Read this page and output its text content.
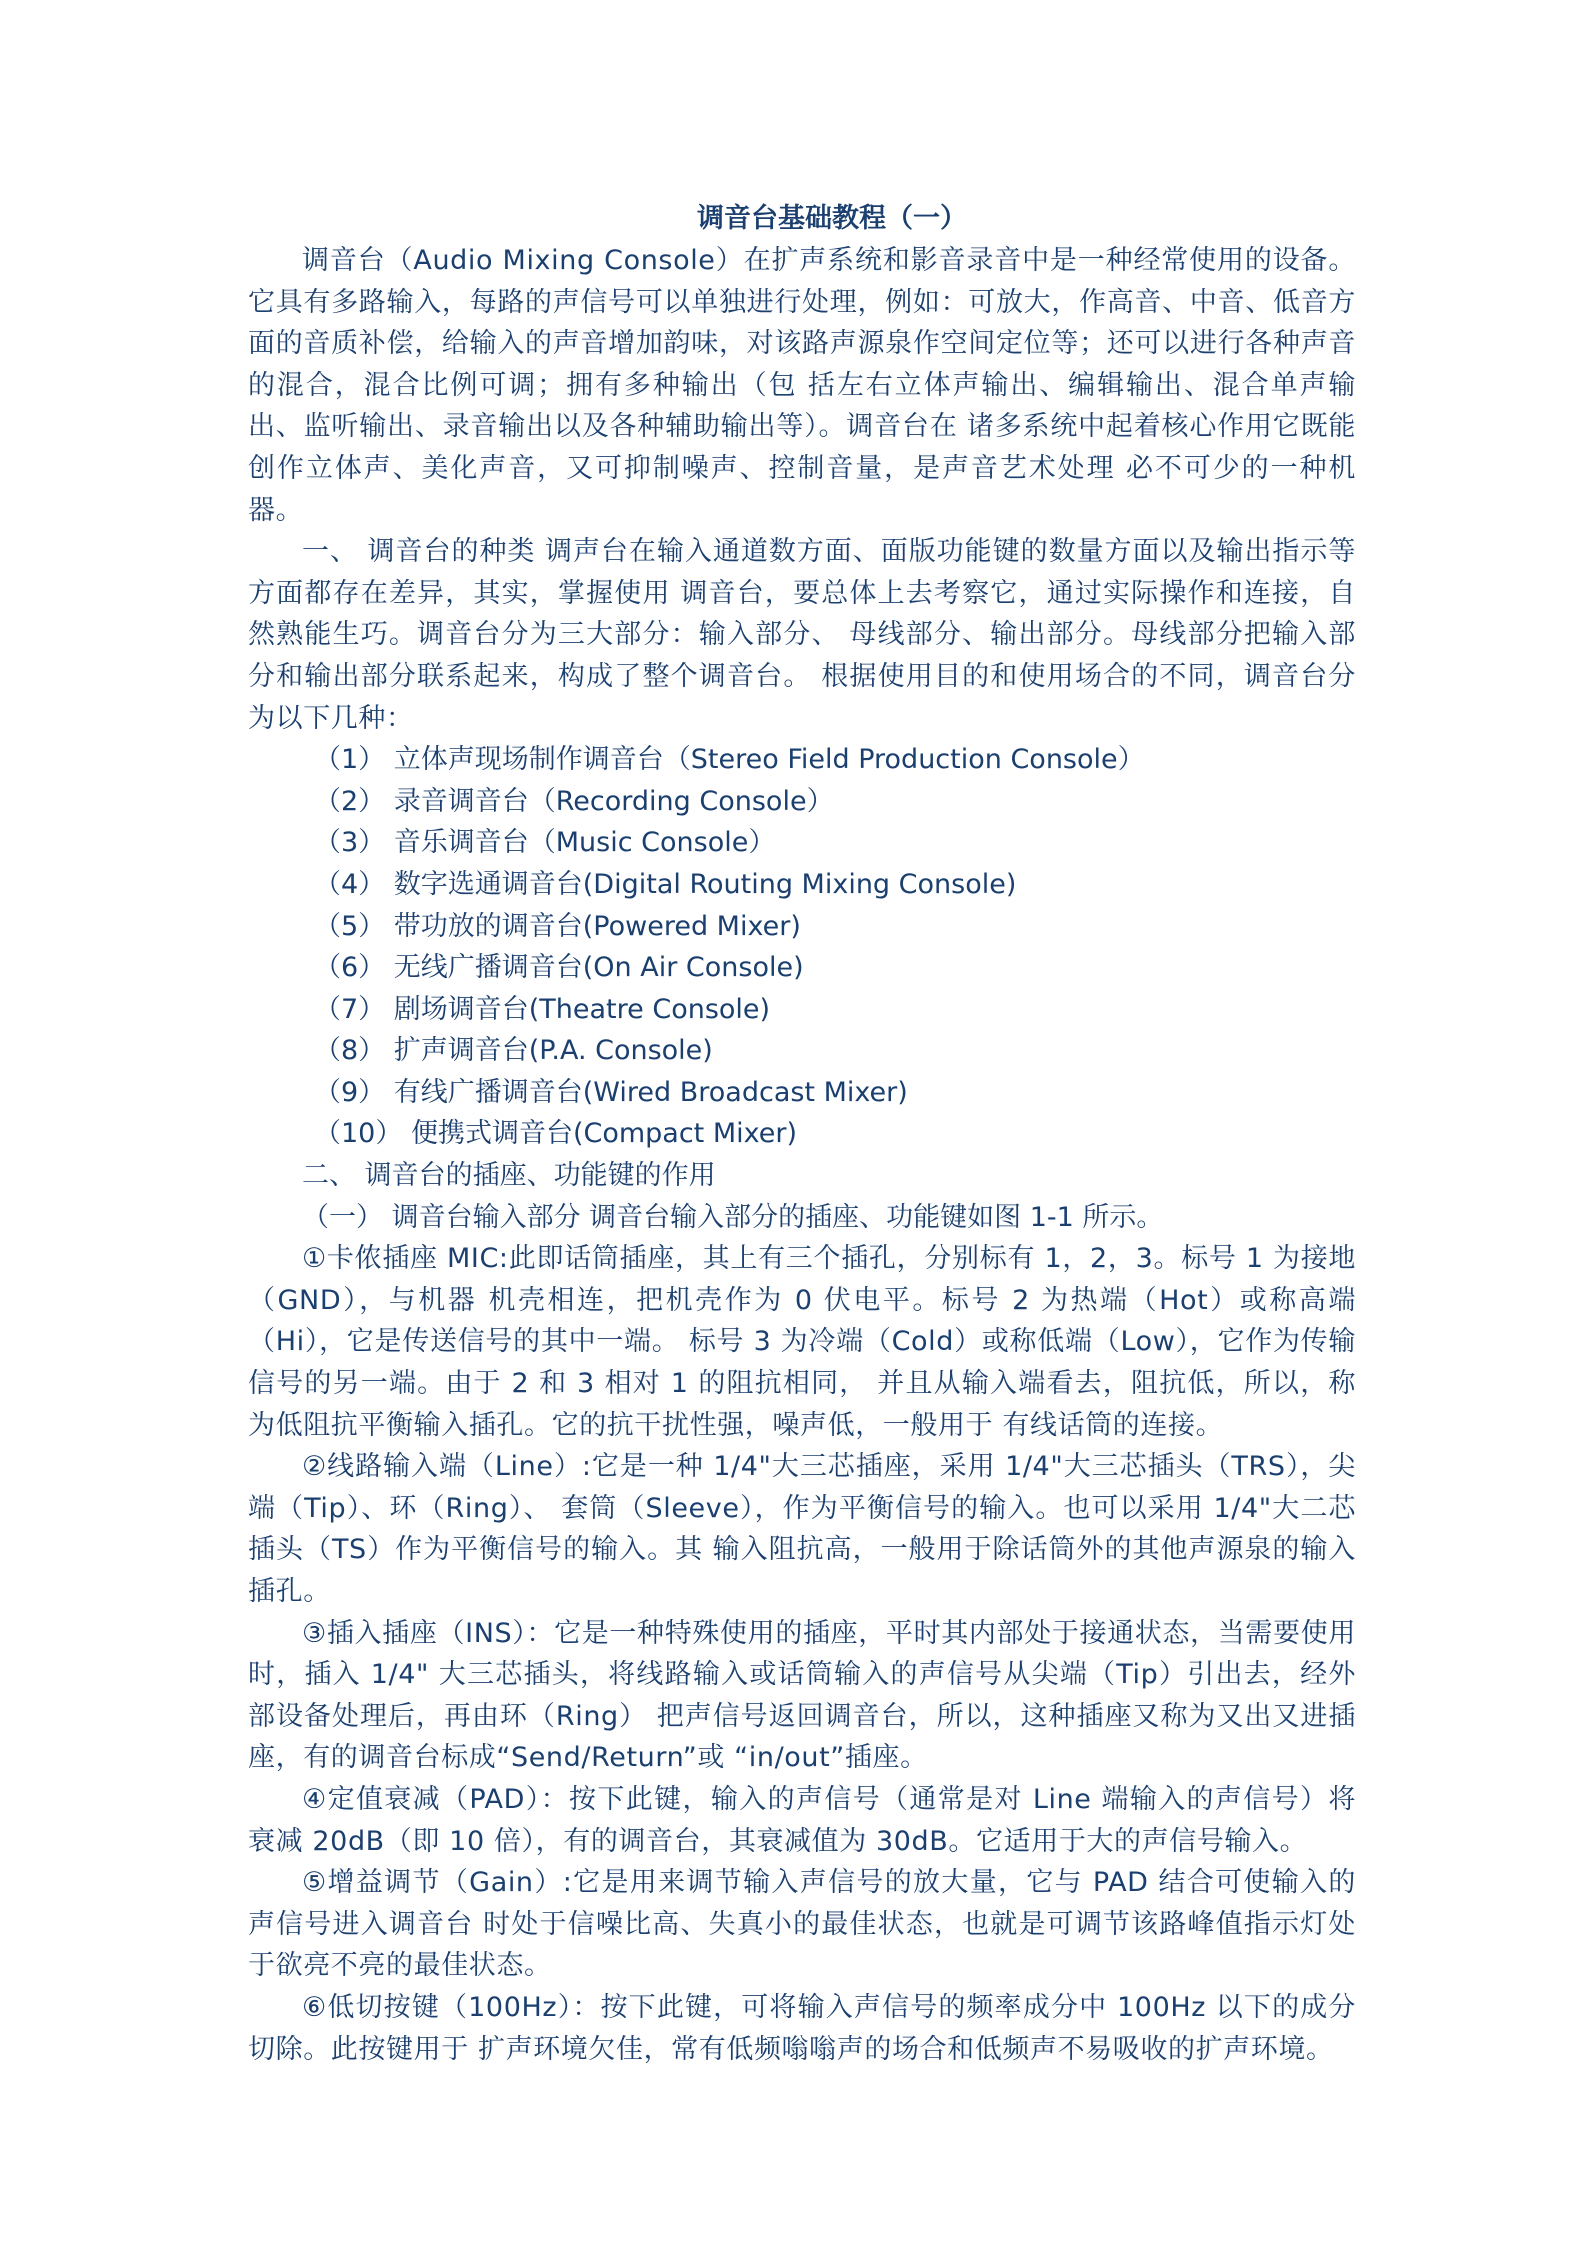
调音台基础教程（一）

调音台（Audio Mixing Console）在扩声系统和影音录音中是一种经常使用的设备。它具有多路输入，每路的声信号可以单独进行处理，例如：可放大，作高音、中音、低音方面的音质补偿，给输入的声音增加韵味，对该路声源泉作空间定位等；还可以进行各种声音的混合，混合比例可调；拥有多种输出（包 括左右立体声输出、编辑输出、混合单声输出、监听输出、录音输出以及各种辅助输出等）。调音台在 诸多系统中起着核心作用它既能创作立体声、美化声音，又可抑制噪声、控制音量，是声音艺术处理 必不可少的一种机器。

一、 调音台的种类 调声台在输入通道数方面、面版功能键的数量方面以及输出指示等方面都存在差异，其实，掌握使用 调音台，要总体上去考察它，通过实际操作和连接，自然熟能生巧。调音台分为三大部分：输入部分、 母线部分、输出部分。母线部分把输入部分和输出部分联系起来，构成了整个调音台。 根据使用目的和使用场合的不同，调音台分为以下几种：

（1） 立体声现场制作调音台（Stereo Field Production Console）
（2） 录音调音台（Recording Console）
（3） 音乐调音台（Music Console）
（4） 数字选通调音台(Digital Routing Mixing Console)
（5） 带功放的调音台(Powered Mixer)
（6） 无线广播调音台(On Air Console)
（7） 剧场调音台(Theatre Console)
（8） 扩声调音台(P.A. Console)
（9） 有线广播调音台(Wired Broadcast Mixer)
（10） 便携式调音台(Compact Mixer)

二、 调音台的插座、功能键的作用

（一） 调音台输入部分 调音台输入部分的插座、功能键如图 1-1 所示。

①卡侬插座 MIC:此即话筒插座，其上有三个插孔，分别标有 1，2，3。标号 1 为接地（GND），与机器 机壳相连，把机壳作为 0 伏电平。标号 2 为热端（Hot）或称高端（Hi），它是传送信号的其中一端。 标号 3 为冷端（Cold）或称低端（Low），它作为传输信号的另一端。由于 2 和 3 相对 1 的阻抗相同， 并且从输入端看去，阻抗低，所以，称为低阻抗平衡输入插孔。它的抗干扰性强，噪声低，一般用于 有线话筒的连接。

②线路输入端（Line）:它是一种 1/4"大三芯插座，采用 1/4"大三芯插头（TRS），尖端（Tip）、环（Ring）、 套筒（Sleeve），作为平衡信号的输入。也可以采用 1/4"大二芯插头（TS）作为平衡信号的输入。其 输入阻抗高，一般用于除话筒外的其他声源泉的输入插孔。

③插入插座（INS）：它是一种特殊使用的插座，平时其内部处于接通状态，当需要使用时，插入 1/4" 大三芯插头，将线路输入或话筒输入的声信号从尖端（Tip）引出去，经外部设备处理后，再由环（Ring） 把声信号返回调音台，所以，这种插座又称为又出又进插座，有的调音台标成“Send/Return”或 “in/out”插座。

④定值衰减（PAD）：按下此键，输入的声信号（通常是对 Line 端输入的声信号）将衰减 20dB（即 10 倍），有的调音台，其衰减值为 30dB。它适用于大的声信号输入。

⑤增益调节（Gain）:它是用来调节输入声信号的放大量，它与 PAD 结合可使输入的声信号进入调音台 时处于信噪比高、失真小的最佳状态，也就是可调节该路峰值指示灯处于欲亮不亮的最佳状态。

⑥低切按键（100Hz）：按下此键，可将输入声信号的频率成分中 100Hz 以下的成分切除。此按键用于 扩声环境欠佳，常有低频嗡嗡声的场合和低频声不易吸收的扩声环境。
